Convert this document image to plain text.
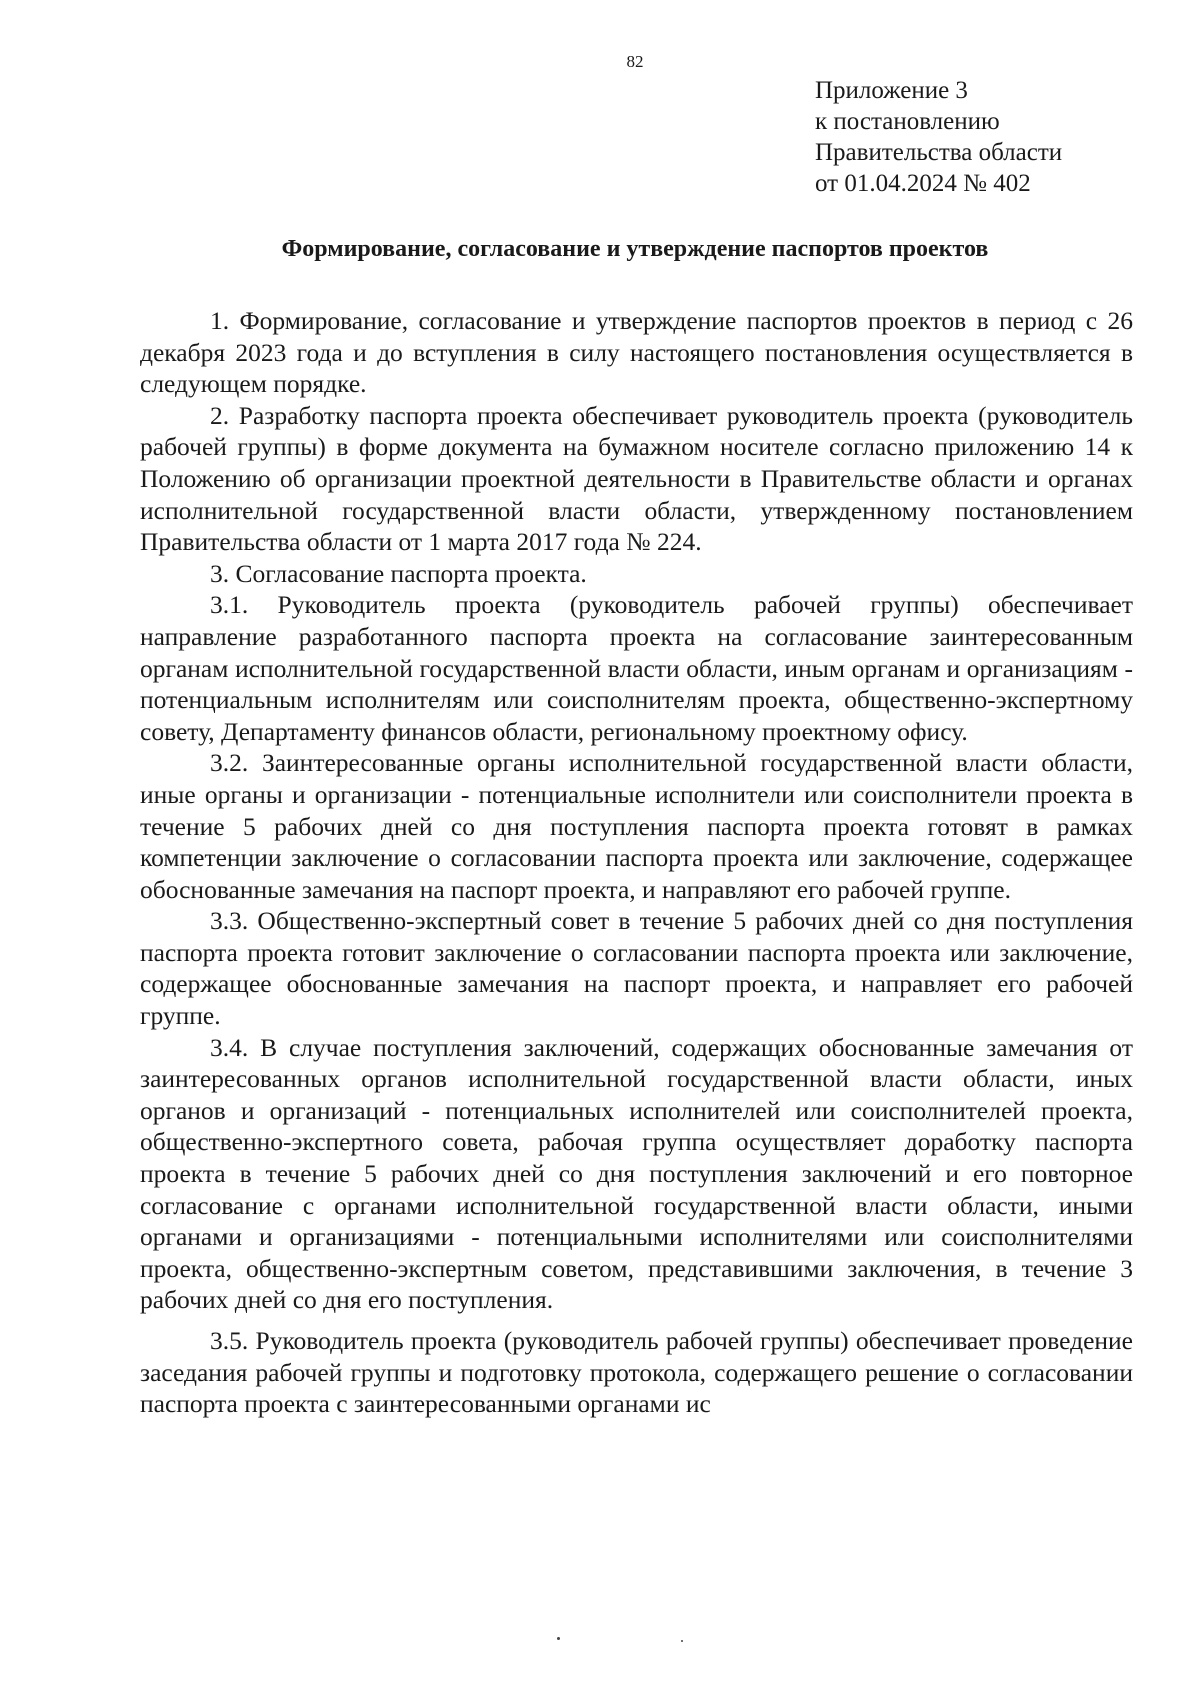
82
Приложение 3
к постановлению
Правительства области
от 01.04.2024 № 402
Формирование, согласование и утверждение паспортов проектов

1. Формирование, согласование и утверждение паспортов проектов в период с 26 декабря 2023 года и до вступления в силу настоящего постановления осуществляется в следующем порядке.

2. Разработку паспорта проекта обеспечивает руководитель проекта (руководитель рабочей группы) в форме документа на бумажном носителе согласно приложению 14 к Положению об организации проектной деятельности в Правительстве области и органах исполнительной государственной власти области, утвержденному постановлением Правительства области от 1 марта 2017 года № 224.

3. Согласование паспорта проекта.

3.1. Руководитель проекта (руководитель рабочей группы) обеспечивает направление разработанного паспорта проекта на согласование заинтересованным органам исполнительной государственной власти области, иным органам и организациям - потенциальным исполнителям или соисполнителям проекта, общественно-экспертному совету, Департаменту финансов области, региональному проектному офису.

3.2. Заинтересованные органы исполнительной государственной власти области, иные органы и организации - потенциальные исполнители или соисполнители проекта в течение 5 рабочих дней со дня поступления паспорта проекта готовят в рамках компетенции заключение о согласовании паспорта проекта или заключение, содержащее обоснованные замечания на паспорт проекта, и направляют его рабочей группе.

3.3. Общественно-экспертный совет в течение 5 рабочих дней со дня поступления паспорта проекта готовит заключение о согласовании паспорта проекта или заключение, содержащее обоснованные замечания на паспорт проекта, и направляет его рабочей группе.

3.4. В случае поступления заключений, содержащих обоснованные замечания от заинтересованных органов исполнительной государственной власти области, иных органов и организаций - потенциальных исполнителей или соисполнителей проекта, общественно-экспертного совета, рабочая группа осуществляет доработку паспорта проекта в течение 5 рабочих дней со дня поступления заключений и его повторное согласование с органами исполнительной государственной власти области, иными органами и организациями - потенциальными исполнителями или соисполнителями проекта, общественно-экспертным советом, представившими заключения, в течение 3 рабочих дней со дня его поступления.

3.5. Руководитель проекта (руководитель рабочей группы) обеспечивает проведение заседания рабочей группы и подготовку протокола, содержащего решение о согласовании паспорта проекта с заинтересованными органами ис
